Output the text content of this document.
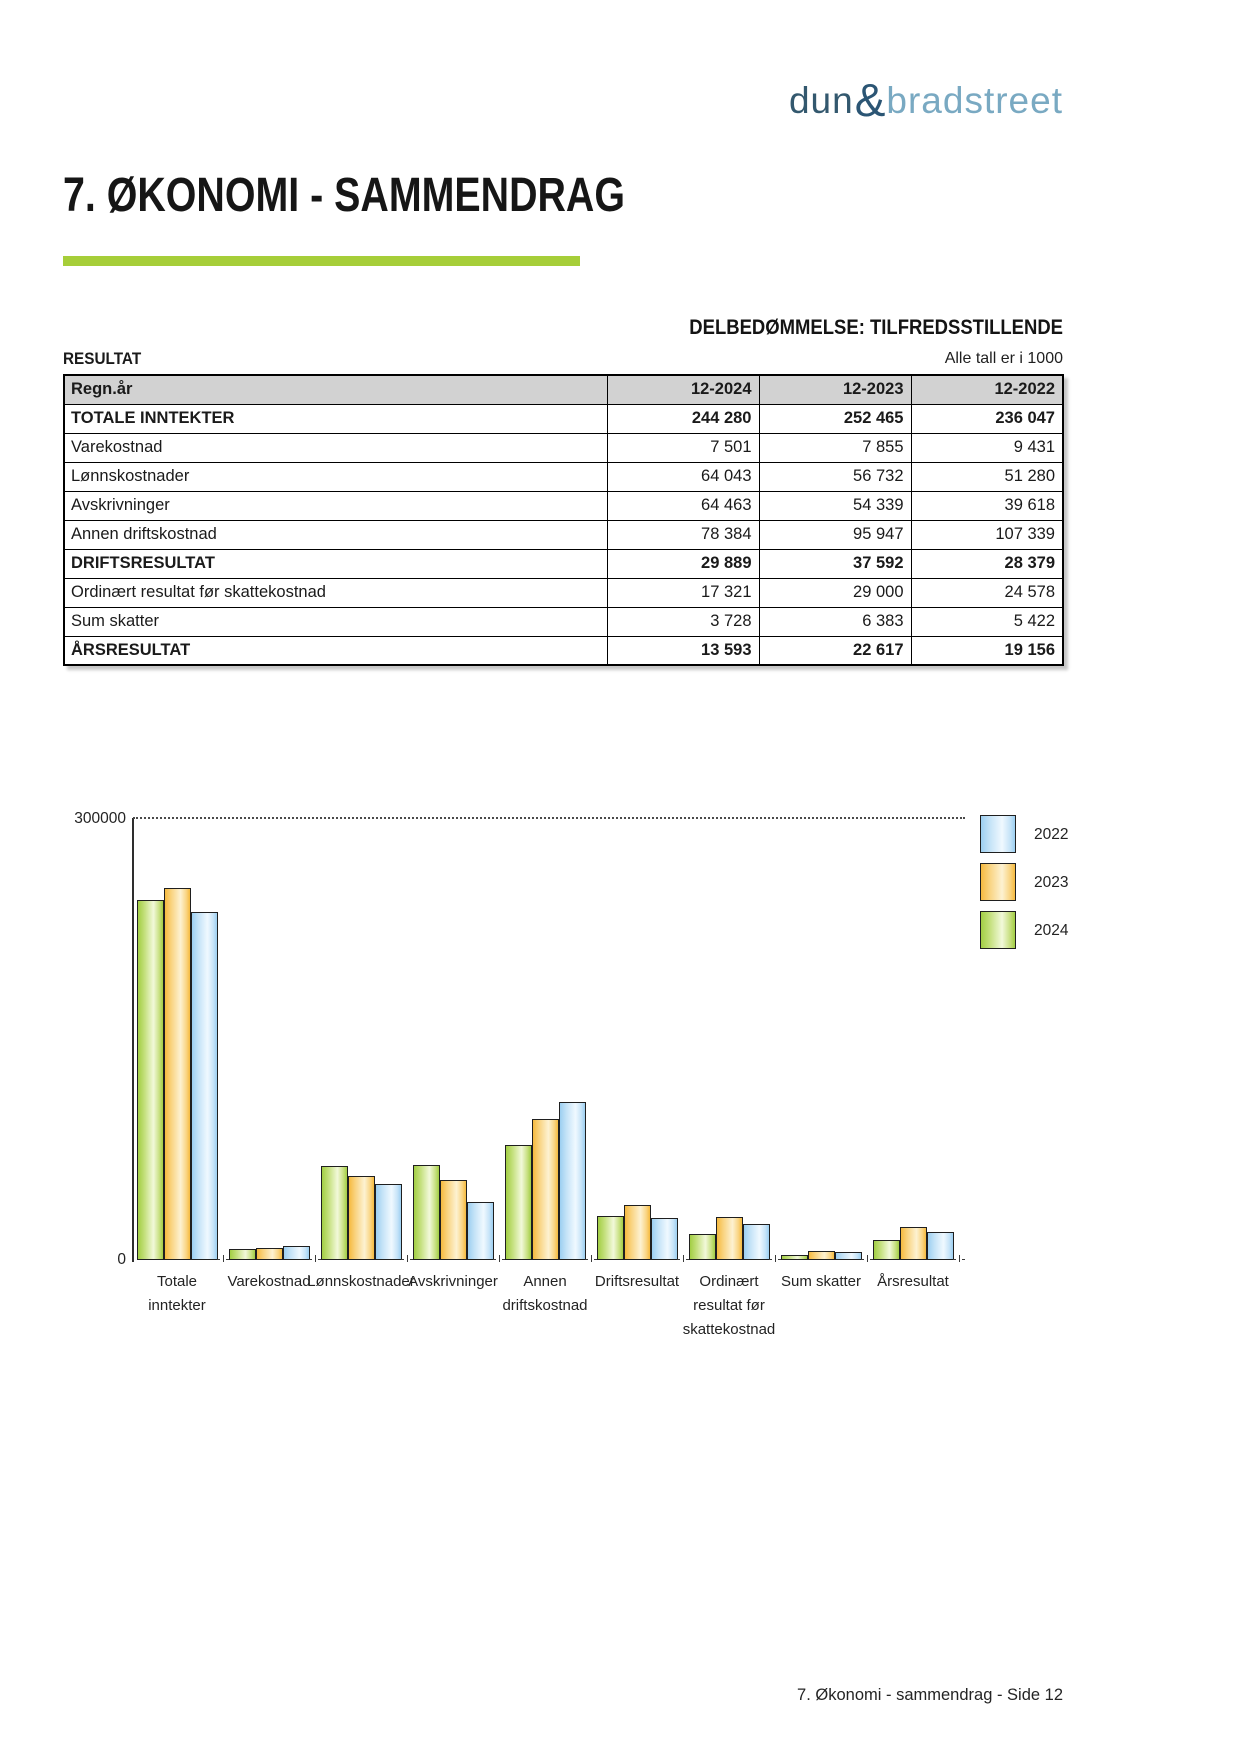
dun&bradstreet
7. ØKONOMI - SAMMENDRAG
DELBEDØMMELSE: TILFREDSSTILLENDE
RESULTAT	Alle tall er i 1000
Regn.år	12-2024	12-2023	12-2022
TOTALE INNTEKTER	244 280	252 465	236 047
Varekostnad	7 501	7 855	9 431
Lønnskostnader	64 043	56 732	51 280
Avskrivninger	64 463	54 339	39 618
Annen driftskostnad	78 384	95 947	107 339
DRIFTSRESULTAT	29 889	37 592	28 379
Ordinært resultat før skattekostnad	17 321	29 000	24 578
Sum skatter	3 728	6 383	5 422
ÅRSRESULTAT	13 593	22 617	19 156
300000
0
Totale
inntekter
Varekostnad
Lønnskostnader
Avskrivninger	Annen
driftskostnad
Driftsresultat	Ordinært
resultat før
skattekostnad
Sum skatter	Årsresultat
2022
2023
2024
7. Økonomi - sammendrag - Side 12
